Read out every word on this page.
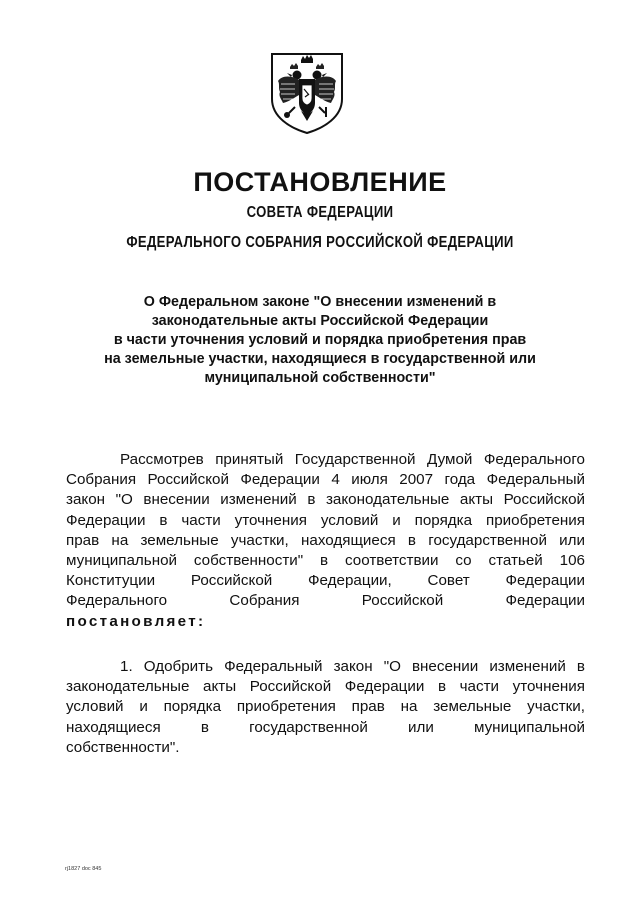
ПОСТАНОВЛЕНИЕ
СОВЕТА ФЕДЕРАЦИИ
ФЕДЕРАЛЬНОГО СОБРАНИЯ РОССИЙСКОЙ ФЕДЕРАЦИИ
О Федеральном законе "О внесении изменений в
законодательные акты Российской Федерации
в части уточнения условий и порядка приобретения прав
на земельные участки, находящиеся в государственной или
муниципальной собственности"
Рассмотрев принятый Государственной Думой Федерального
Собрания Российской Федерации 4 июля 2007 года Федеральный
закон "О внесении изменений в законодательные акты Российской
Федерации в части уточнения условий и порядка приобретения
прав на земельные участки, находящиеся в государственной или
муниципальной собственности" в соответствии со статьей 106
Конституции Российской Федерации, Совет Федерации
Федерального Собрания Российской Федерации
постановляет:
1. Одобрить Федеральный закон "О внесении изменений в
законодательные акты Российской Федерации в части уточнения
условий и порядка приобретения прав на земельные участки,
находящиеся в государственной или муниципальной
собственности".
rj1827 doc 845
